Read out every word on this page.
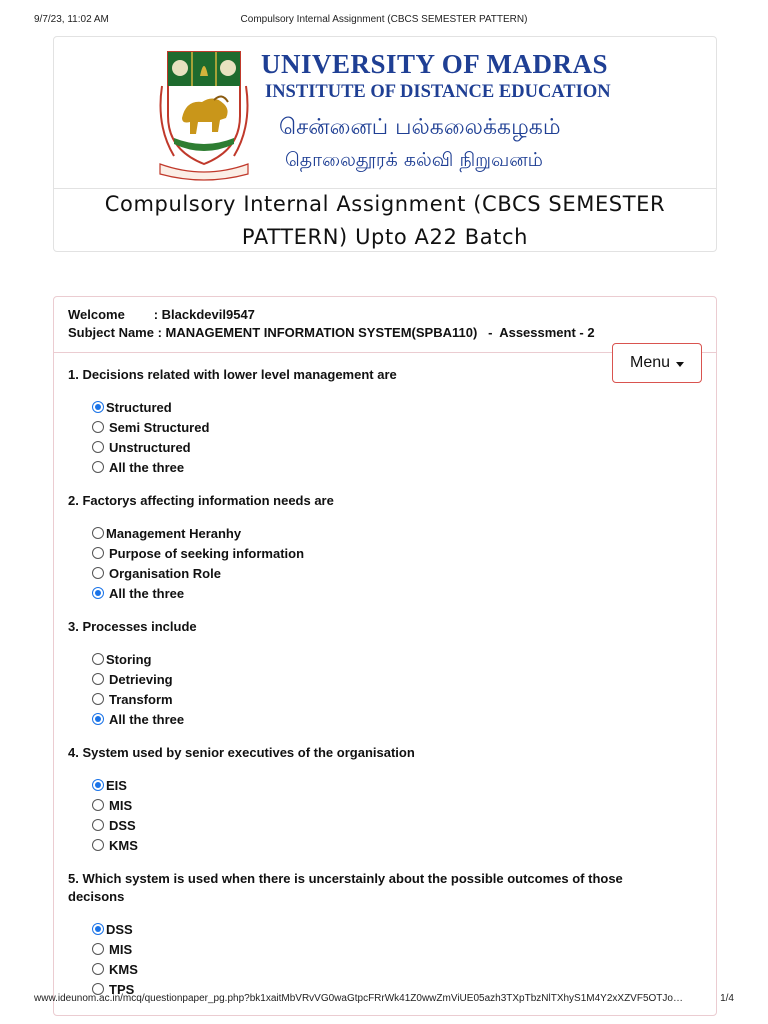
9/7/23, 11:02 AM	Compulsory Internal Assignment (CBCS SEMESTER PATTERN)
UNIVERSITY OF MADRAS
INSTITUTE OF DISTANCE EDUCATION
சென்னைப் பல்கலைக்கழகம்
தொலைதூரக் கல்வி நிறுவனம்
Compulsory Internal Assignment (CBCS SEMESTER
PATTERN) Upto A22 Batch
Welcome        : Blackdevil9547
Subject Name : MANAGEMENT INFORMATION SYSTEM(SPBA110)   -  Assessment - 2
Menu
1. Decisions related with lower level management are
Structured
Semi Structured
Unstructured
All the three
2. Factorys affecting information needs are
Management Heranhy
Purpose of seeking information
Organisation Role
All the three
3. Processes include
Storing
Detrieving
Transform
All the three
4. System used by senior executives of the organisation
EIS
MIS
DSS
KMS
5. Which system is used when there is uncerstainly about the possible outcomes of those decisons
DSS
MIS
KMS
TPS
www.ideunom.ac.in/mcq/questionpaper_pg.php?bk1xaitMbVRvVG0waGtpcFRrWk41Z0wwZmViUE05azh3TXpTbzNlTXhyS1M4Y2xXZVF5OTJo…	1/4
